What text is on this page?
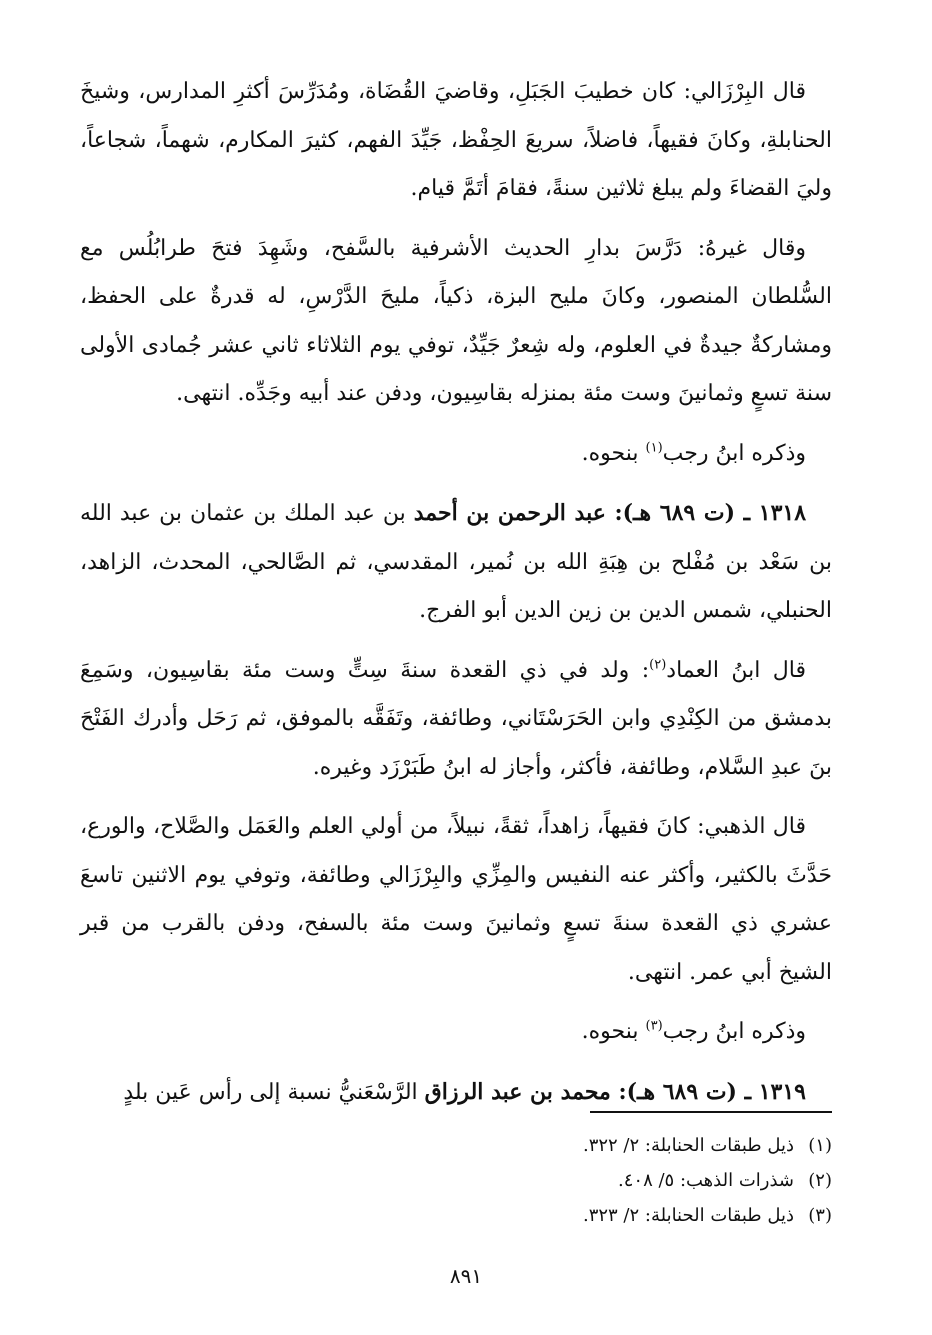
قال البِرْزَالي: كان خطيبَ الجَبَلِ، وقاضيَ القُضَاة، ومُدَرِّسَ أكثرِ المدارس، وشيخَ الحنابلةِ، وكانَ فقيهاً، فاضلاً، سريعَ الحِفْظ، جَيِّدَ الفهم، كثيرَ المكارم، شهماً، شجاعاً، وليَ القضاءَ ولم يبلغ ثلاثين سنةً، فقامَ أتَمَّ قيام.

وقال غيرهُ: دَرَّسَ بدارِ الحديث الأشرفية بالسَّفح، وشَهِدَ فتحَ طرابُلُس مع السُّلطان المنصور، وكانَ مليح البزة، ذكياً، مليحَ الدَّرْسِ، له قدرةٌ على الحفظ، ومشاركةٌ جيدةٌ في العلوم، وله شِعرٌ جَيِّدٌ، توفي يوم الثلاثاء ثاني عشر جُمادى الأولى سنة تسعٍ وثمانينَ وست مئة بمنزله بقاسِيون، ودفن عند أبيه وجَدِّه. انتهى.

وذكره ابنُ رجب$^{(١)}$ بنحوه.

١٣١٨ ـ (ت ٦٨٩ هـ): عبد الرحمن بن أحمد بن عبد الملك بن عثمان بن عبد الله بن سَعْد بن مُفْلح بن هِبَةِ الله بن نُمير، المقدسي، ثم الصَّالحي، المحدث، الزاهد، الحنبلي، شمس الدين بن زين الدين أبو الفرج.

قال ابنُ العماد$^{(٢)}$: ولد في ذي القعدة سنةَ سِتٍّ وست مئة بقاسِيون، وسَمِعَ بدمشق من الكِنْدِي وابن الحَرَسْتَاني، وطائفة، وتَفَقَّه بالموفق، ثم رَحَل وأدرك الفَتْحَ بنَ عبدِ السَّلام، وطائفة، فأكثر، وأجاز له ابنُ طَبَرْزَد وغيره.

قال الذهبي: كانَ فقيهاً، زاهداً، ثقةً، نبيلاً، من أولي العلم والعَمَل والصَّلاح، والورع، حَدَّثَ بالكثير، وأكثر عنه النفيس والمِزِّي والبِرْزَالي وطائفة، وتوفي يوم الاثنين تاسعَ عشري ذي القعدة سنةَ تسعٍ وثمانينَ وست مئة بالسفح، ودفن بالقرب من قبر الشيخ أبي عمر. انتهى.

وذكره ابنُ رجب$^{(٣)}$ بنحوه.

١٣١٩ ـ (ت ٦٨٩ هـ): محمد بن عبد الرزاق الرَّسْعَنيُّ نسبة إلى رأس عَين بلدٍ

(١)ذيل طبقات الحنابلة: ٢/ ٣٢٢.
(٢)شذرات الذهب: ٥/ ٤٠٨.
(٣)ذيل طبقات الحنابلة: ٢/ ٣٢٣.
٨٩١
